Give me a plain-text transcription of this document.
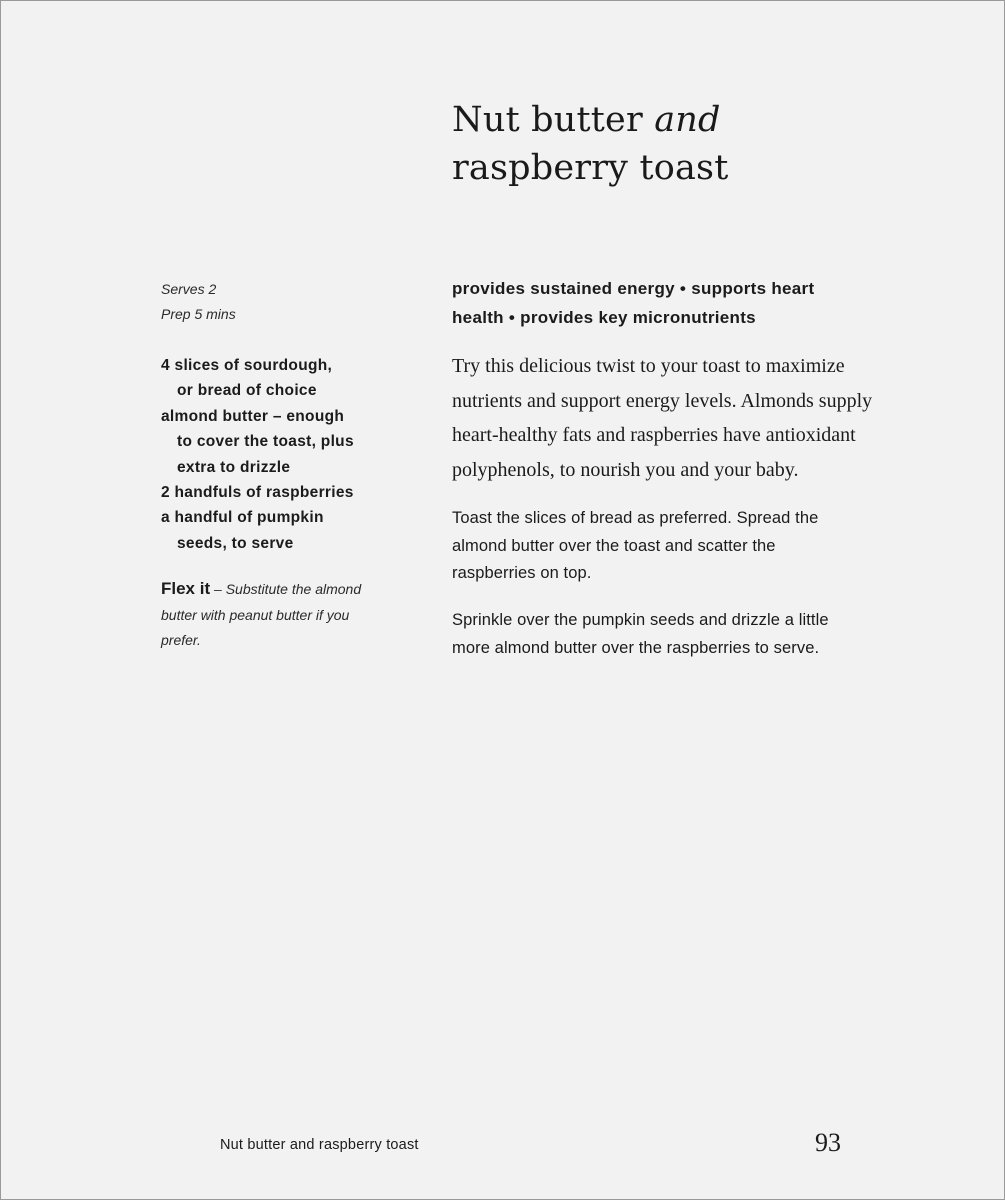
Nut butter and
raspberry toast
Serves 2
Prep 5 mins
4 slices of sourdough,
or bread of choice
almond butter – enough
to cover the toast, plus
extra to drizzle
2 handfuls of raspberries
a handful of pumpkin
seeds, to serve
Flex it – Substitute the almond butter with peanut butter if you prefer.

provides sustained energy • supports heart
health • provides key micronutrients

Try this delicious twist to your toast to maximize
nutrients and support energy levels. Almonds supply
heart-healthy fats and raspberries have antioxidant
polyphenols, to nourish you and your baby.

Toast the slices of bread as preferred. Spread the
almond butter over the toast and scatter the
raspberries on top.

Sprinkle over the pumpkin seeds and drizzle a little
more almond butter over the raspberries to serve.

Nut butter and raspberry toast	93
